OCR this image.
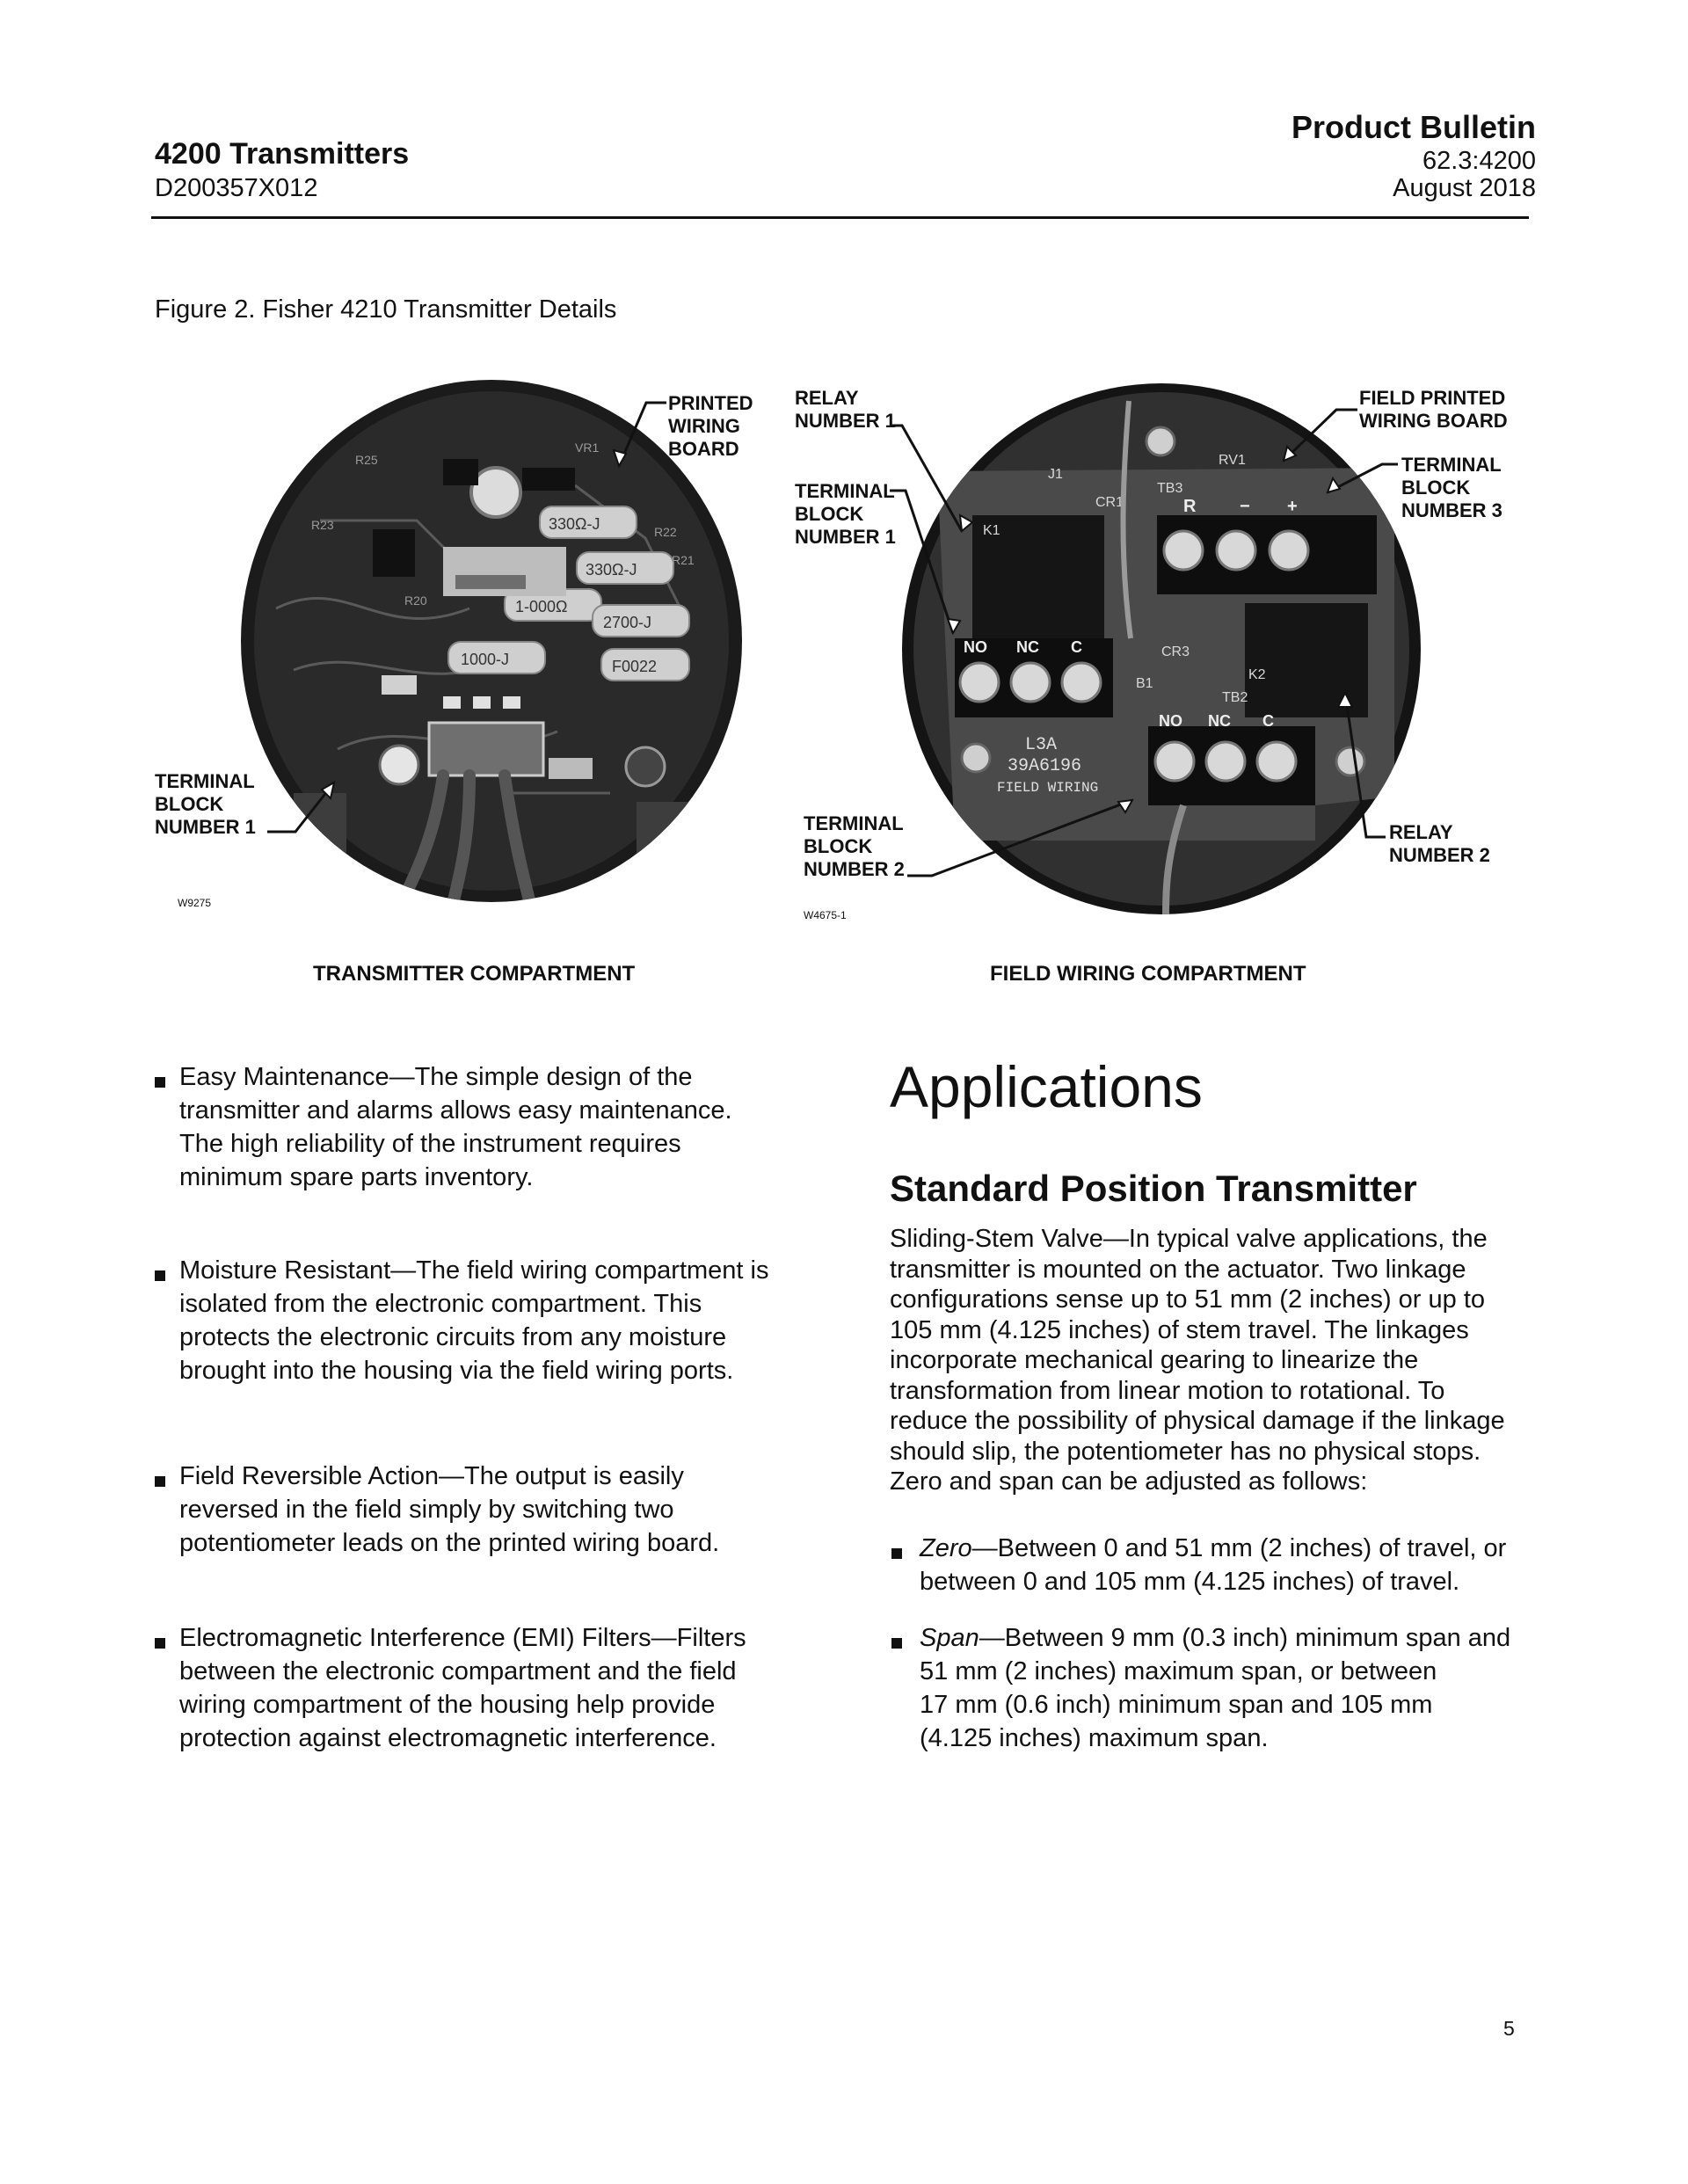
4200 Transmitters
D200357X012
Product Bulletin
62.3:4200
August 2018
Figure 2. Fisher 4210 Transmitter Details
330Ω-J
330Ω-J
1-000Ω
2700-J
1000-J	F0022
R22
R21
R20
R25
VR1
R23
PRINTED
WIRING
BOARD
TERMINAL
BLOCK
NUMBER 1
W9275
TRANSMITTER COMPARTMENT
K1
K2
CR3
J1
TB2
B1
RV1
CR1
TB3
R − +
NO NC C
NO NC C
L3A
39A6196
FIELD WIRING
RELAY
NUMBER 1
TERMINAL
BLOCK
NUMBER 1
FIELD PRINTED
WIRING BOARD
TERMINAL
BLOCK
NUMBER 3
TERMINAL
BLOCK
NUMBER 2
RELAY
NUMBER 2
W4675-1
FIELD WIRING COMPARTMENT
Easy Maintenance—The simple design of the
transmitter and alarms allows easy maintenance.
The high reliability of the instrument requires
minimum spare parts inventory.
Moisture Resistant—The field wiring compartment is
isolated from the electronic compartment. This
protects the electronic circuits from any moisture
brought into the housing via the field wiring ports.
Field Reversible Action—The output is easily
reversed in the field simply by switching two
potentiometer leads on the printed wiring board.
Electromagnetic Interference (EMI) Filters—Filters
between the electronic compartment and the field
wiring compartment of the housing help provide
protection against electromagnetic interference.
Applications
Standard Position Transmitter
Sliding-Stem Valve—In typical valve applications, the
transmitter is mounted on the actuator. Two linkage
configurations sense up to 51 mm (2 inches) or up to
105 mm (4.125 inches) of stem travel. The linkages
incorporate mechanical gearing to linearize the
transformation from linear motion to rotational. To
reduce the possibility of physical damage if the linkage
should slip, the potentiometer has no physical stops.
Zero and span can be adjusted as follows:
Zero—Between 0 and 51 mm (2 inches) of travel, or
between 0 and 105 mm (4.125 inches) of travel.
Span—Between 9 mm (0.3 inch) minimum span and
51 mm (2 inches) maximum span, or between
17 mm (0.6 inch) minimum span and 105 mm
(4.125 inches) maximum span.
5
